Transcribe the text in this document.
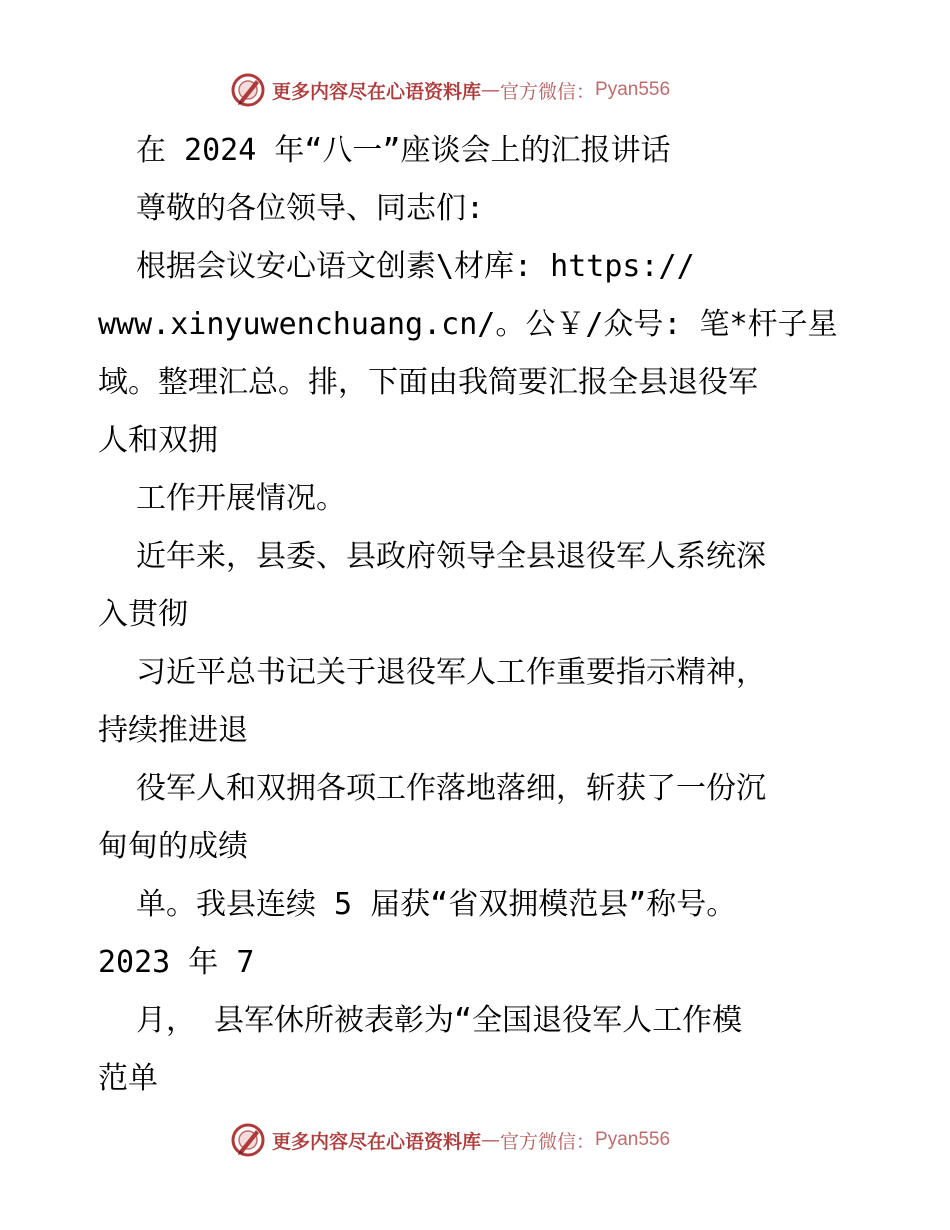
更多内容尽在心语资料库 — 官方微信： Pyan556
在 2024 年“八一”座谈会上的汇报讲话
尊敬的各位领导、同志们:
根据会议安心语文创素\材库: https://
www.xinyuwenchuang.cn/。公￥/众号: 笔*杆子星
域。整理汇总。排，下面由我简要汇报全县退役军
人和双拥
工作开展情况。
近年来，县委、县政府领导全县退役军人系统深
入贯彻
习近平总书记关于退役军人工作重要指示精神，
持续推进退
役军人和双拥各项工作落地落细，斩获了一份沉
甸甸的成绩
单。我县连续 5 届获“省双拥模范县”称号。
2023 年 7
月， 县军休所被表彰为“全国退役军人工作模
范单
更多内容尽在心语资料库 — 官方微信： Pyan556
